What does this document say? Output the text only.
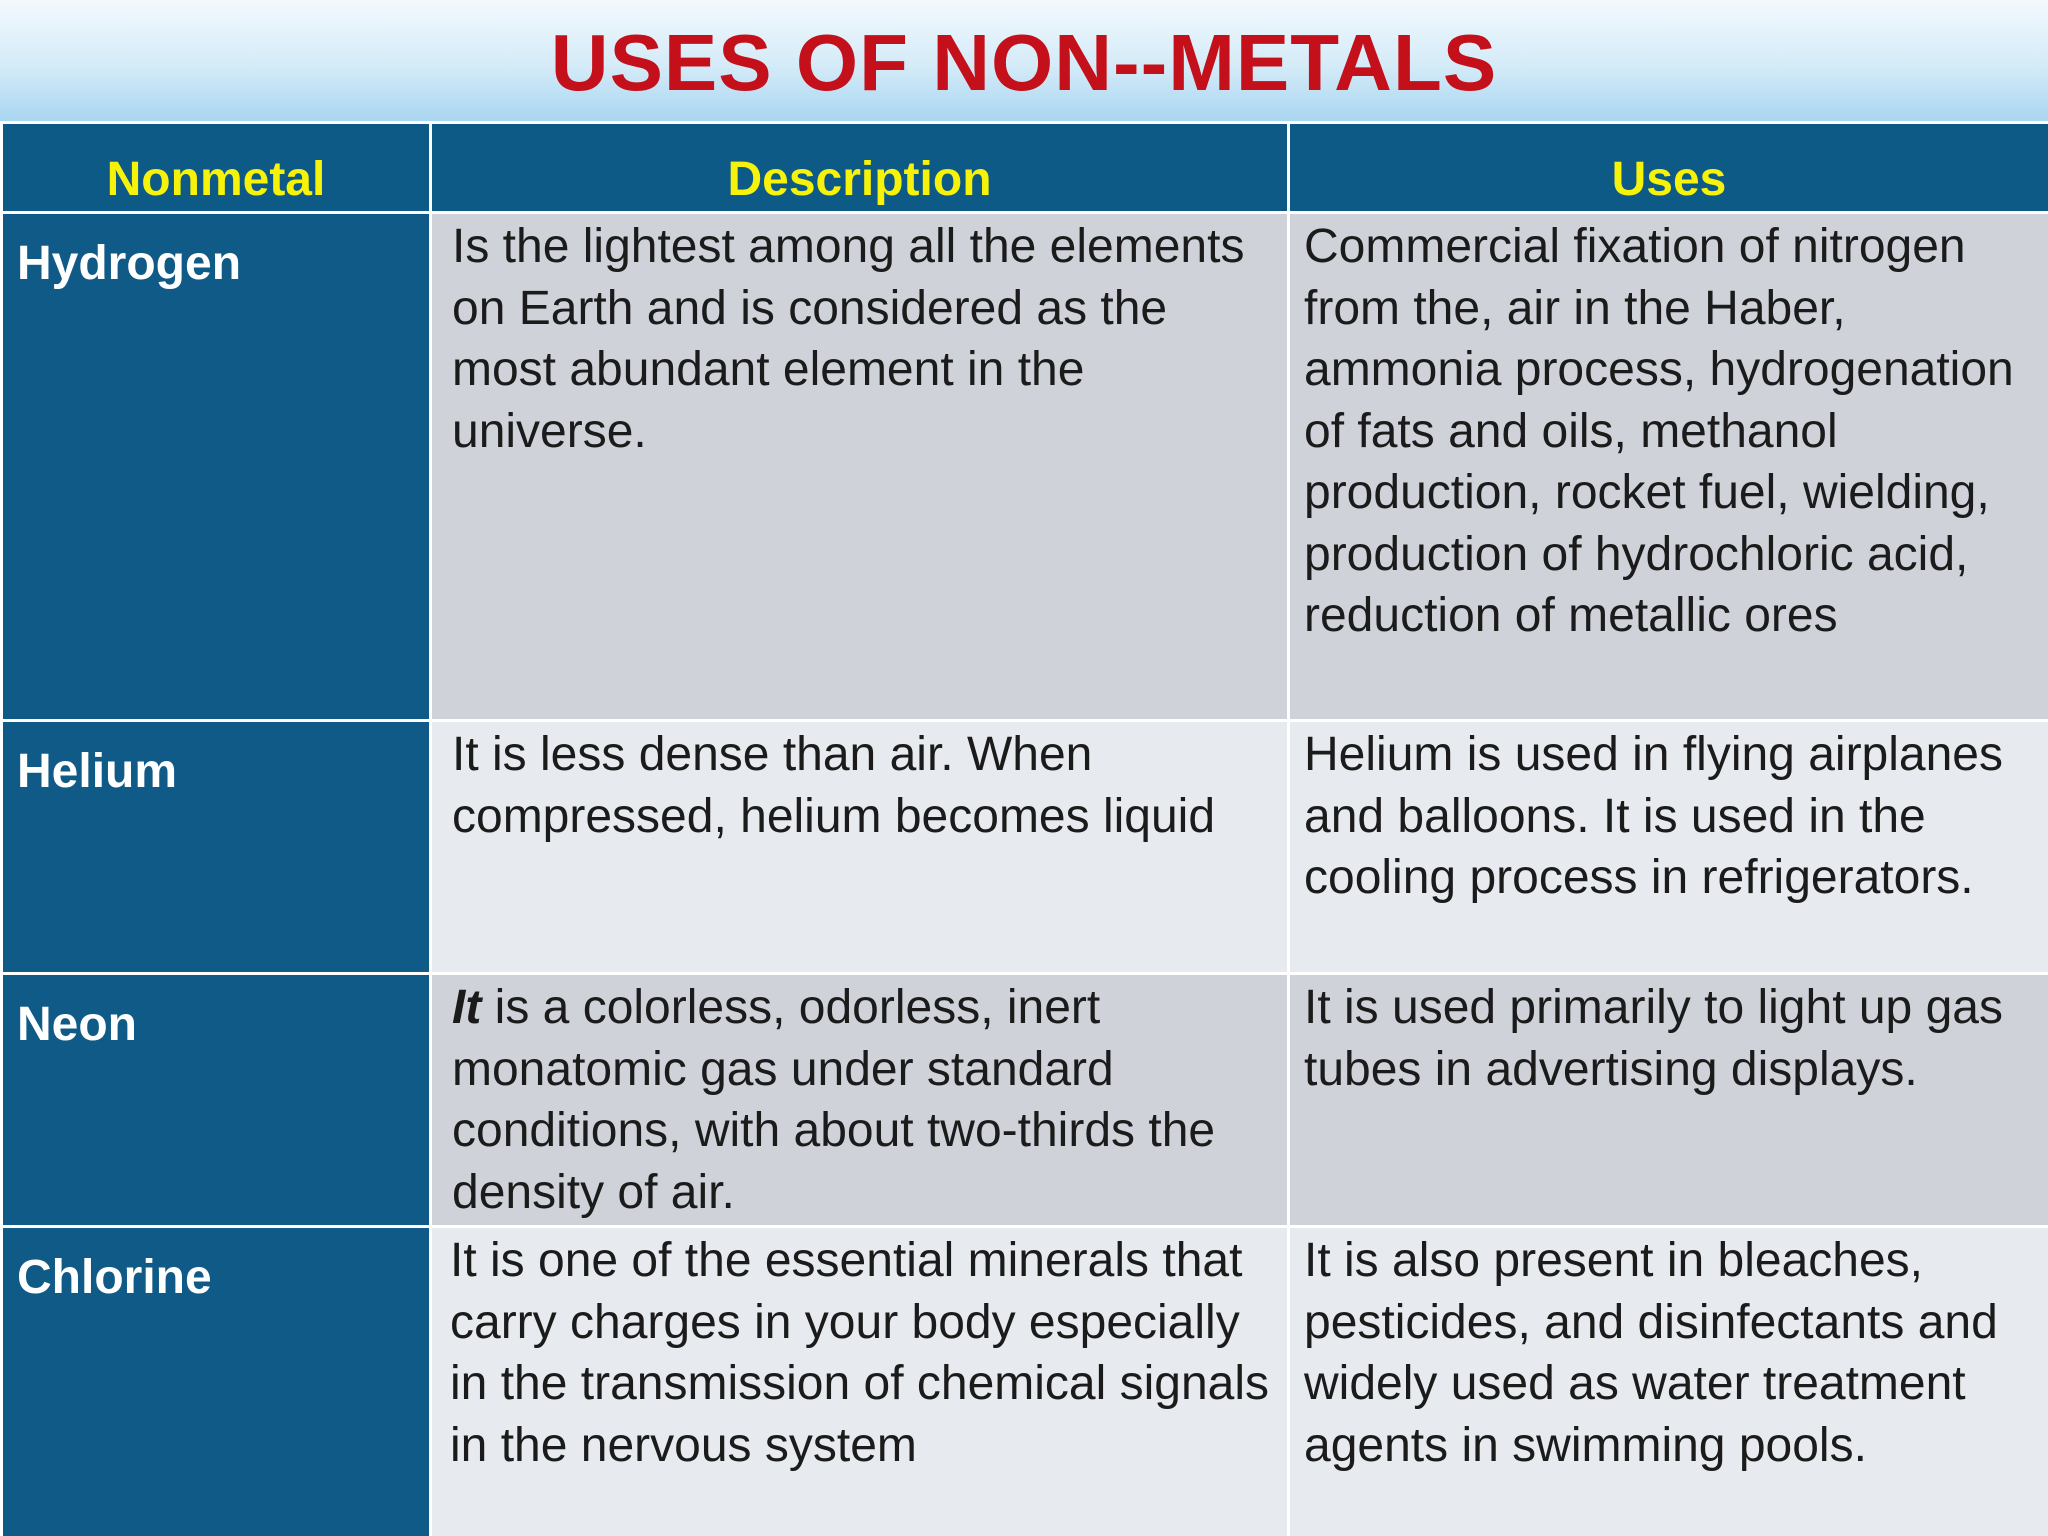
USES OF NON--METALS
Nonmetal	Description	Uses
Hydrogen	Is the lightest among all the elements on Earth and is considered as the most abundant element in the universe.	Commercial fixation of nitrogen from the, air in the Haber, ammonia process, hydrogenation of fats and oils, methanol production, rocket fuel, wielding, production of hydrochloric acid, reduction of metallic ores
Helium	It is less dense than air. When compressed, helium becomes liquid	Helium is used in flying airplanes and balloons. It is used in the cooling process in refrigerators.
Neon	It is a colorless, odorless, inert monatomic gas under standard conditions, with about two-thirds the density of air.	It is used primarily to light up gas tubes in advertising displays.
Chlorine	It is one of the essential minerals that carry charges in your body especially in the transmission of chemical signals in the nervous system	It is also present in bleaches, pesticides, and disinfectants and widely used as water treatment agents in swimming pools.
